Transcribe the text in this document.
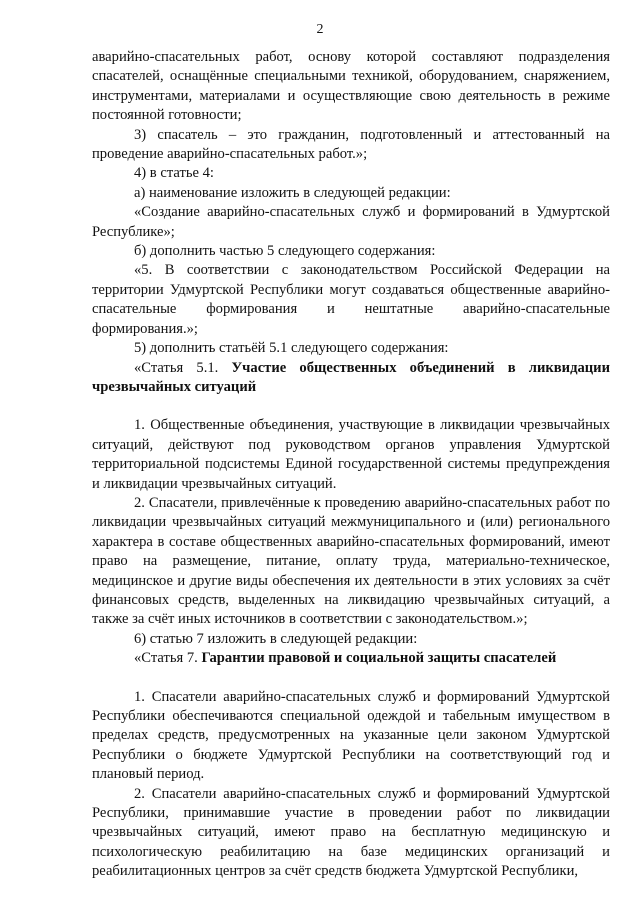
2

аварийно-спасательных работ, основу которой составляют подразделения спасателей, оснащённые специальными техникой, оборудованием, снаряжением, инструментами, материалами и осуществляющие свою деятельность в режиме постоянной готовности;

3) спасатель – это гражданин, подготовленный и аттестованный на проведение аварийно-спасательных работ.»;

4) в статье 4:

а) наименование изложить в следующей редакции:

«Создание аварийно-спасательных служб и формирований в Удмуртской Республике»;

б) дополнить частью 5 следующего содержания:

«5. В соответствии с законодательством Российской Федерации на территории Удмуртской Республики могут создаваться общественные аварийно-спасательные формирования и нештатные аварийно-спасательные формирования.»;

5) дополнить статьёй 5.1 следующего содержания:

«Статья 5.1. Участие общественных объединений в ликвидации чрезвычайных ситуаций

1. Общественные объединения, участвующие в ликвидации чрезвычайных ситуаций, действуют под руководством органов управления Удмуртской территориальной подсистемы Единой государственной системы предупреждения и ликвидации чрезвычайных ситуаций.

2. Спасатели, привлечённые к проведению аварийно-спасательных работ по ликвидации чрезвычайных ситуаций межмуниципального и (или) регионального характера в составе общественных аварийно-спасательных формирований, имеют право на размещение, питание, оплату труда, материально-техническое, медицинское и другие виды обеспечения их деятельности в этих условиях за счёт финансовых средств, выделенных на ликвидацию чрезвычайных ситуаций, а также за счёт иных источников в соответствии с законодательством.»;

6) статью 7 изложить в следующей редакции:

«Статья 7. Гарантии правовой и социальной защиты спасателей

1. Спасатели аварийно-спасательных служб и формирований Удмуртской Республики обеспечиваются специальной одеждой и табельным имуществом в пределах средств, предусмотренных на указанные цели законом Удмуртской Республики о бюджете Удмуртской Республики на соответствующий год и плановый период.

2. Спасатели аварийно-спасательных служб и формирований Удмуртской Республики, принимавшие участие в проведении работ по ликвидации чрезвычайных ситуаций, имеют право на бесплатную медицинскую и психологическую реабилитацию на базе медицинских организаций и реабилитационных центров за счёт средств бюджета Удмуртской Республики,
